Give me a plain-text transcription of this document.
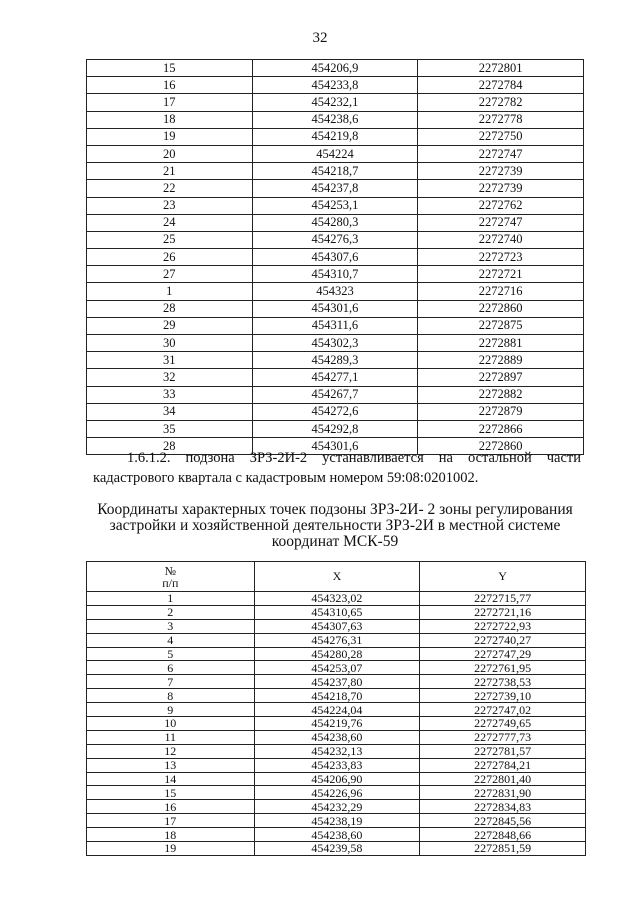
32
15	454206,9	2272801
16	454233,8	2272784
17	454232,1	2272782
18	454238,6	2272778
19	454219,8	2272750
20	454224	2272747
21	454218,7	2272739
22	454237,8	2272739
23	454253,1	2272762
24	454280,3	2272747
25	454276,3	2272740
26	454307,6	2272723
27	454310,7	2272721
1	454323	2272716
28	454301,6	2272860
29	454311,6	2272875
30	454302,3	2272881
31	454289,3	2272889
32	454277,1	2272897
33	454267,7	2272882
34	454272,6	2272879
35	454292,8	2272866
28	454301,6	2272860
1.6.1.2. подзона ЗРЗ-2И-2 устанавливается на остальной части
кадастрового квартала с кадастровым номером 59:08:0201002.
Координаты характерных точек подзоны ЗРЗ-2И- 2 зоны регулирования
застройки и хозяйственной деятельности ЗРЗ-2И в местной системе
координат МСК-59
№
п/п	X	Y
1	454323,02	2272715,77
2	454310,65	2272721,16
3	454307,63	2272722,93
4	454276,31	2272740,27
5	454280,28	2272747,29
6	454253,07	2272761,95
7	454237,80	2272738,53
8	454218,70	2272739,10
9	454224,04	2272747,02
10	454219,76	2272749,65
11	454238,60	2272777,73
12	454232,13	2272781,57
13	454233,83	2272784,21
14	454206,90	2272801,40
15	454226,96	2272831,90
16	454232,29	2272834,83
17	454238,19	2272845,56
18	454238,60	2272848,66
19	454239,58	2272851,59
